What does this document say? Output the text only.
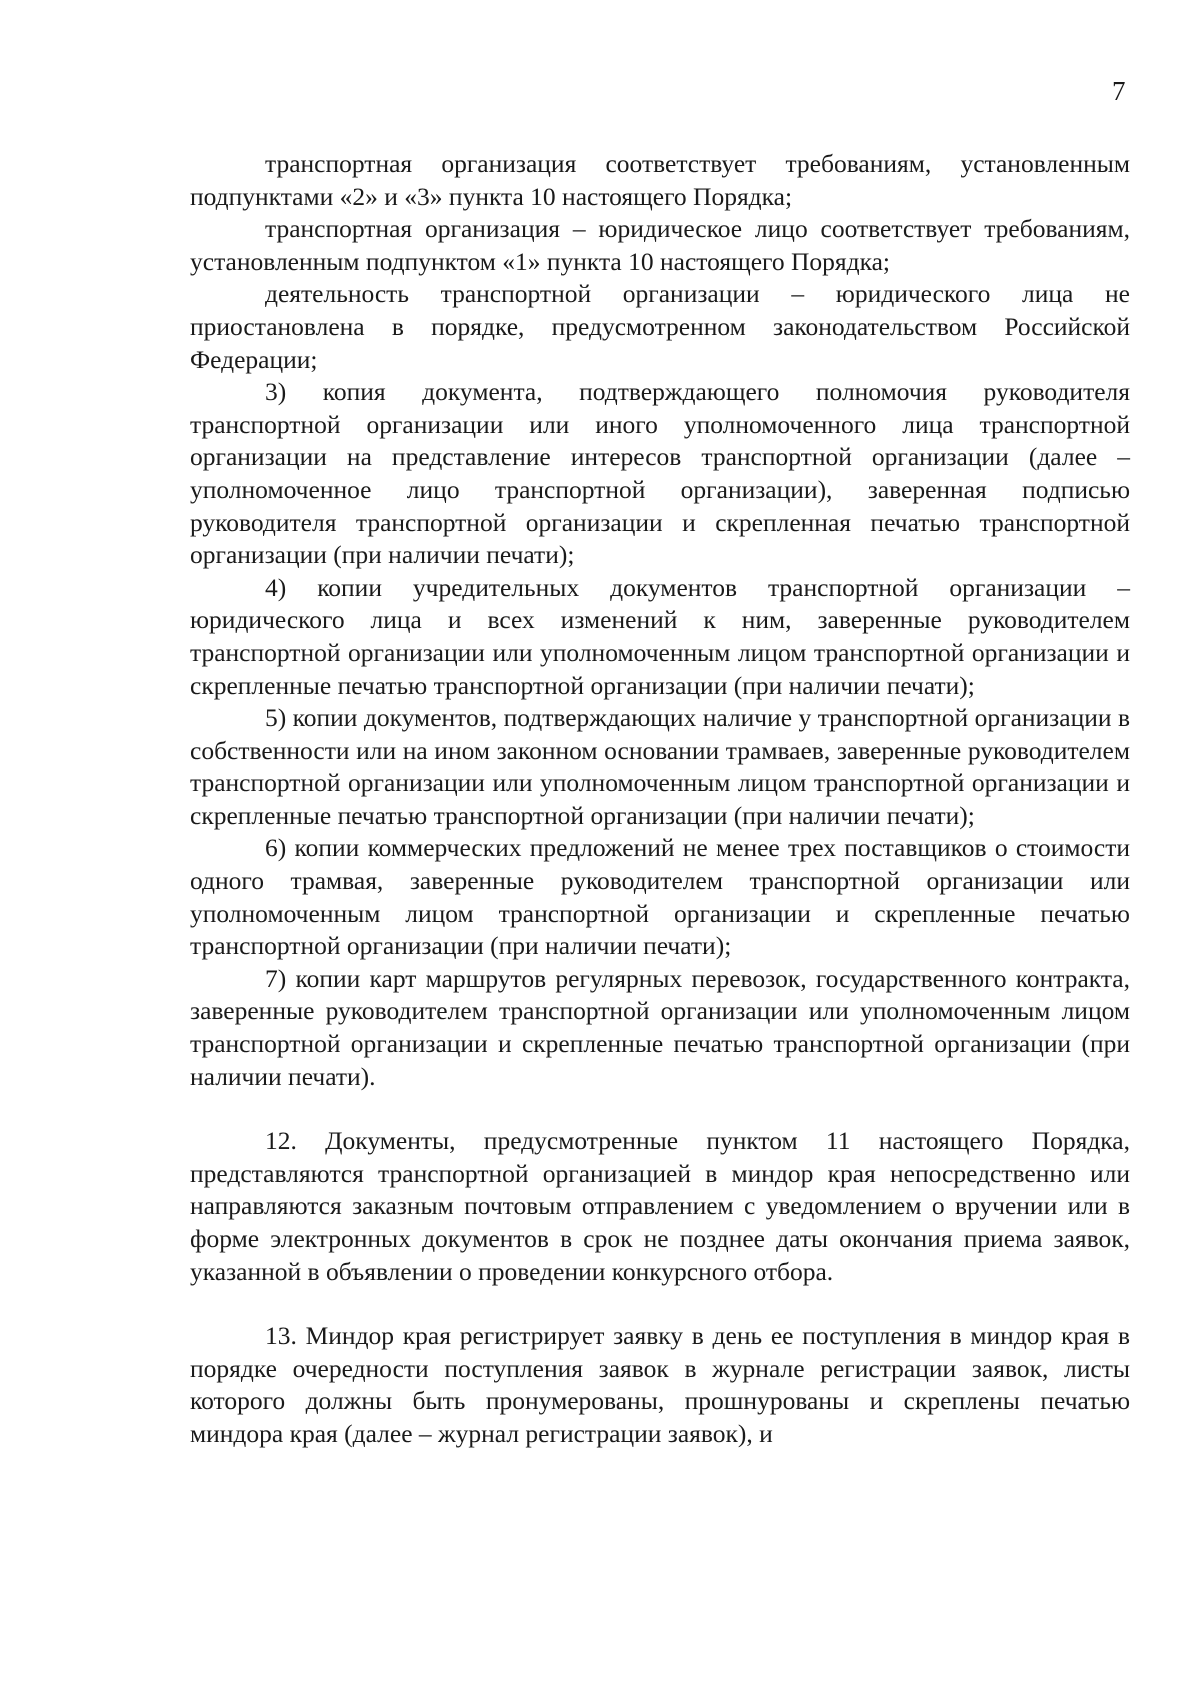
7

транспортная организация соответствует требованиям, установленным подпунктами «2» и «3» пункта 10 настоящего Порядка;

транспортная организация – юридическое лицо соответствует требованиям, установленным подпунктом «1» пункта 10 настоящего Порядка;

деятельность транспортной организации – юридического лица не приостановлена в порядке, предусмотренном законодательством Российской Федерации;

3) копия документа, подтверждающего полномочия руководителя транспортной организации или иного уполномоченного лица транспортной организации на представление интересов транспортной организации (далее – уполномоченное лицо транспортной организации), заверенная подписью руководителя транспортной организации и скрепленная печатью транспортной организации (при наличии печати);

4) копии учредительных документов транспортной организации – юридического лица и всех изменений к ним, заверенные руководителем транспортной организации или уполномоченным лицом транспортной организации и скрепленные печатью транспортной организации (при наличии печати);

5) копии документов, подтверждающих наличие у транспортной организации в собственности или на ином законном основании трамваев, заверенные руководителем транспортной организации или уполномоченным лицом транспортной организации и скрепленные печатью транспортной организации (при наличии печати);

6) копии коммерческих предложений не менее трех поставщиков о стоимости одного трамвая, заверенные руководителем транспортной организации или уполномоченным лицом транспортной организации и скрепленные печатью транспортной организации (при наличии печати);

7) копии карт маршрутов регулярных перевозок, государственного контракта, заверенные руководителем транспортной организации или уполномоченным лицом транспортной организации и скрепленные печатью транспортной организации (при наличии печати).

12. Документы, предусмотренные пунктом 11 настоящего Порядка, представляются транспортной организацией в миндор края непосредственно или направляются заказным почтовым отправлением с уведомлением о вручении или в форме электронных документов в срок не позднее даты окончания приема заявок, указанной в объявлении о проведении конкурсного отбора.

13. Миндор края регистрирует заявку в день ее поступления в миндор края в порядке очередности поступления заявок в журнале регистрации заявок, листы которого должны быть пронумерованы, прошнурованы и скреплены печатью миндора края (далее – журнал регистрации заявок), и
